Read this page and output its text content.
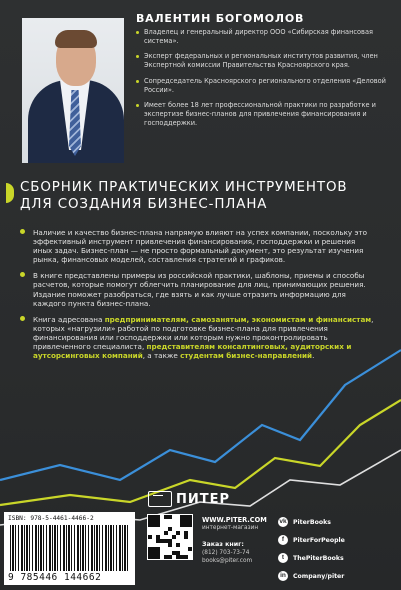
ВАЛЕНТИН БОГОМОЛОВ
Владелец и генеральный директор ООО «Сибирская финансовая система».
Эксперт федеральных и региональных институтов развития, член Экспертной комиссии Правительства Красноярского края.
Сопредседатель Красноярского регионального отделения «Деловой России».
Имеет более 18 лет профессиональной практики по разработке и экспертизе бизнес-планов для привлечения финансирования и господдержки.
СБОРНИК ПРАКТИЧЕСКИХ ИНСТРУМЕНТОВ
ДЛЯ СОЗДАНИЯ БИЗНЕС-ПЛАНА
Наличие и качество бизнес-плана напрямую влияют на успех компании, поскольку это эффективный инструмент привлечения финансирования, господдержки и решения иных задач. Бизнес-план — не просто формальный документ, это результат изучения рынка, финансовых моделей, составления стратегий и графиков.
В книге представлены примеры из российской практики, шаблоны, приемы и способы расчетов, которые помогут облегчить планирование для лиц, принимающих решения. Издание поможет разобраться, где взять и как лучше отразить информацию для каждого пункта бизнес-плана.
Книга адресована предпринимателям, самозанятым, экономистам и финансистам, которых «нагрузили» работой по подготовке бизнес-плана для привлечения финансирования или господдержки или которым нужно проконтролировать привлеченного специалиста, представителям консалтинговых, аудиторских и аутсорсинговых компаний, а также студентам бизнес-направлений.
ISBN: 978-5-4461-4466-2
9 785446 144662
ПИТЕР
WWW.PITER.COM
интернет-магазин
Заказ книг:
(812) 703-73-74
books@piter.com
vk PiterBooks
f	PiterForPeople
t	ThePiterBooks
in	Company/piter
